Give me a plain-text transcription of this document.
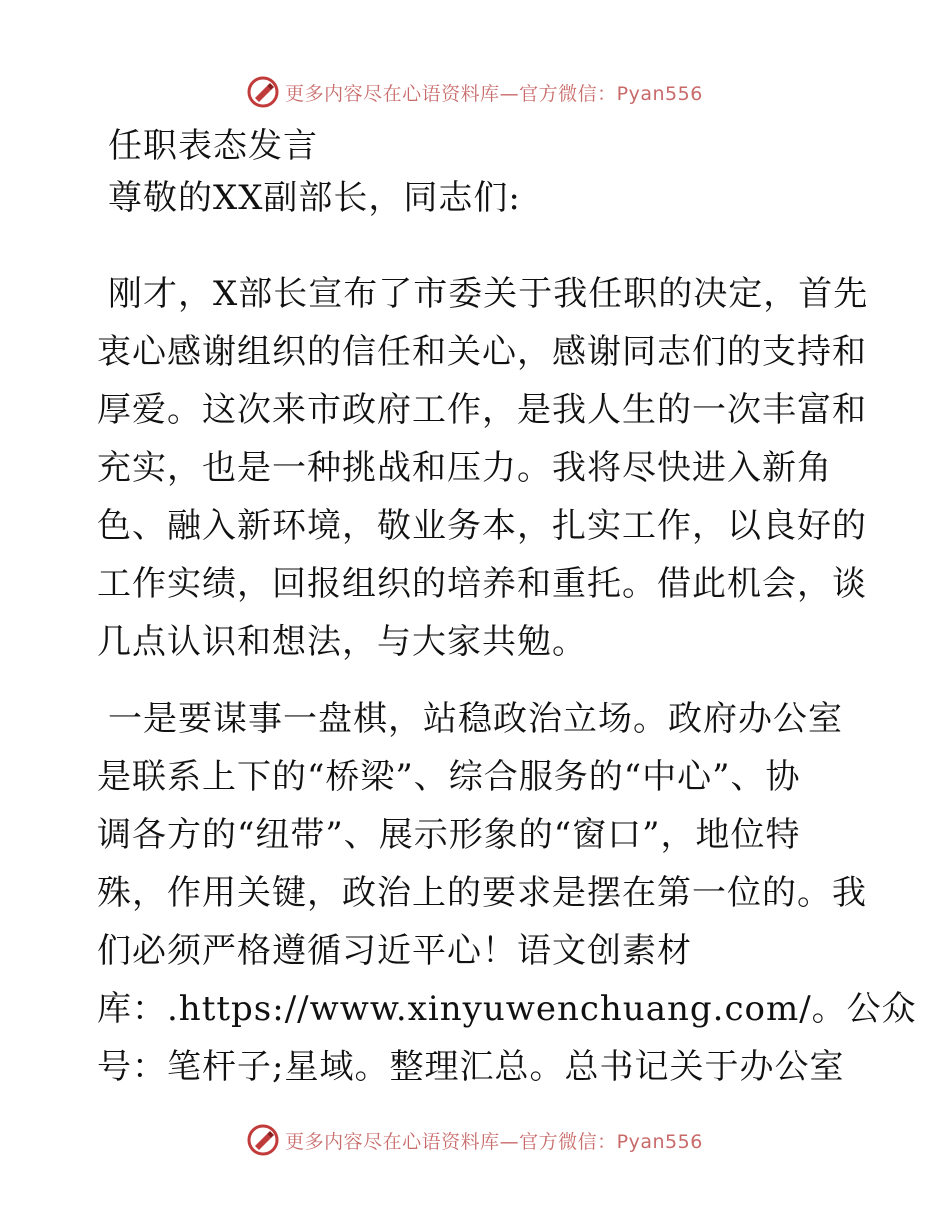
更多内容尽在心语资料库—官方微信：Pyan556
任职表态发言

尊敬的XX副部长，同志们:

刚才，X部长宣布了市委关于我任职的决定，首先
衷心感谢组织的信任和关心，感谢同志们的支持和
厚爱。这次来市政府工作，是我人生的一次丰富和
充实，也是一种挑战和压力。我将尽快进入新角
色、融入新环境，敬业务本，扎实工作，以良好的
工作实绩，回报组织的培养和重托。借此机会，谈
几点认识和想法，与大家共勉。
一是要谋事一盘棋，站稳政治立场。政府办公室
是联系上下的“桥梁”、综合服务的“中心”、协
调各方的“纽带”、展示形象的“窗口”，地位特
殊，作用关键，政治上的要求是摆在第一位的。我
们必须严格遵循习近平心！语文创素材
库：.https://www.xinyuwenchuang.com/。公众
号：笔杆子;星域。整理汇总。总书记关于办公室
更多内容尽在心语资料库—官方微信：Pyan556
